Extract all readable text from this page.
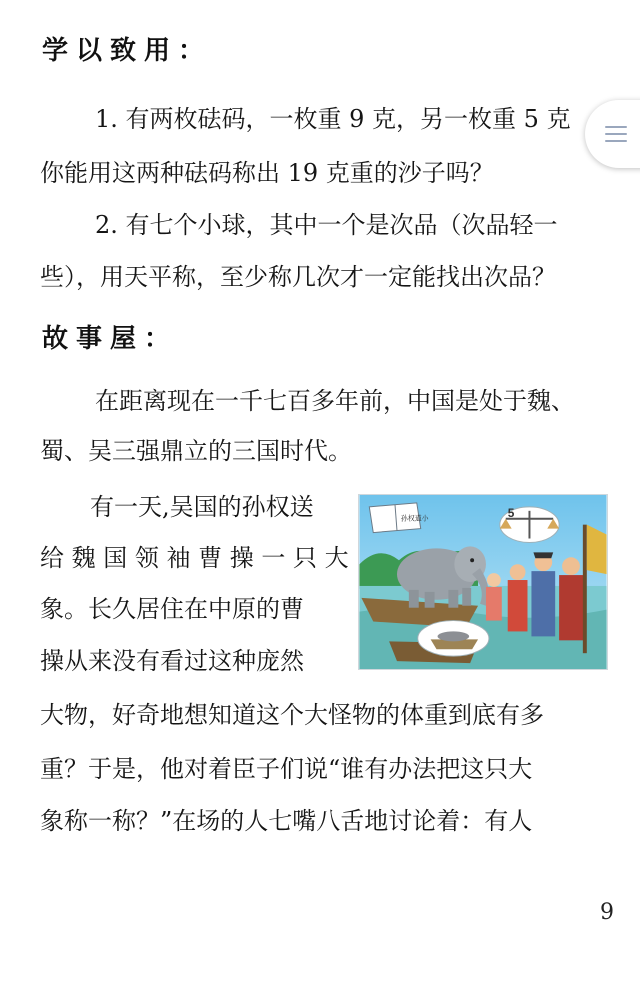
学以致用：
1. 有两枚砝码，一枚重 9 克，另一枚重 5 克
你能用这两种砝码称出 19 克重的沙子吗？
2. 有七个小球，其中一个是次品（次品轻一
些），用天平称，至少称几次才一定能找出次品？
故事屋：
在距离现在一千七百多年前，中国是处于魏、
蜀、吴三强鼎立的三国时代。
有一天,吴国的孙权送
给 魏 国 领 袖 曹 操 一 只 大
象。长久居住在中原的曹
操从来没有看过这种庞然
大物，好奇地想知道这个大怪物的体重到底有多
重？于是，他对着臣子们说“谁有办法把这只大
象称一称？”在场的人七嘴八舌地讨论着：有人
孙权道小	5
9
